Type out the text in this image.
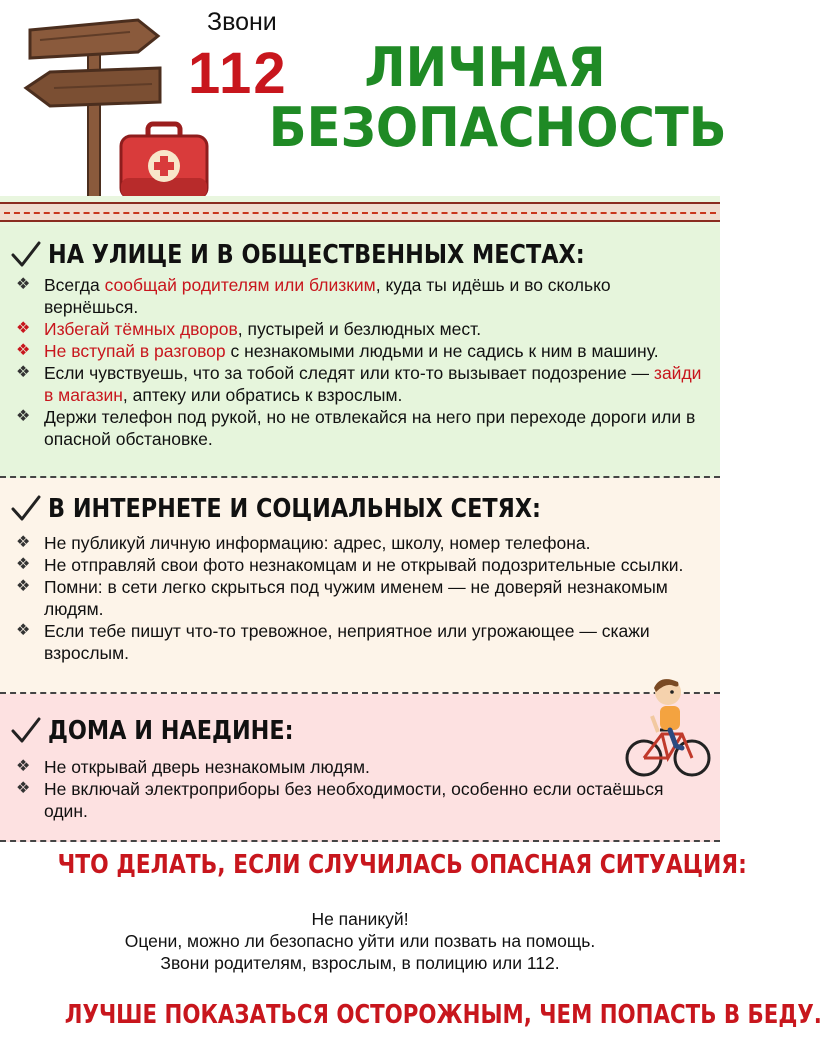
Звони
112	ЛИЧНАЯ
БЕЗОПАСНОСТЬ
НА УЛИЦЕ И В ОБЩЕСТВЕННЫХ МЕСТАХ:
❖ Всегда сообщай родителям или близким, куда ты идёшь и во сколько вернёшься.
❖ Избегай тёмных дворов, пустырей и безлюдных мест.
❖ Не вступай в разговор с незнакомыми людьми и не садись к ним в машину.
❖ Если чувствуешь, что за тобой следят или кто-то вызывает подозрение — зайди в магазин, аптеку или обратись к взрослым.
❖ Держи телефон под рукой, но не отвлекайся на него при переходе дороги или в опасной обстановке.
В ИНТЕРНЕТЕ И СОЦИАЛЬНЫХ СЕТЯХ:
❖ Не публикуй личную информацию: адрес, школу, номер телефона.
❖ Не отправляй свои фото незнакомцам и не открывай подозрительные ссылки.
❖ Помни: в сети легко скрыться под чужим именем — не доверяй незнакомым людям.
❖ Если тебе пишут что-то тревожное, неприятное или угрожающее — скажи взрослым.
ДОМА И НАЕДИНЕ:
❖ Не открывай дверь незнакомым людям.
❖ Не включай электроприборы без необходимости, особенно если остаёшься один.
ЧТО ДЕЛАТЬ, ЕСЛИ СЛУЧИЛАСЬ ОПАСНАЯ СИТУАЦИЯ:
Не паникуй!
Оцени, можно ли безопасно уйти или позвать на помощь.
Звони родителям, взрослым, в полицию или 112.
ЛУЧШЕ ПОКАЗАТЬСЯ ОСТОРОЖНЫМ, ЧЕМ ПОПАСТЬ В БЕДУ.
